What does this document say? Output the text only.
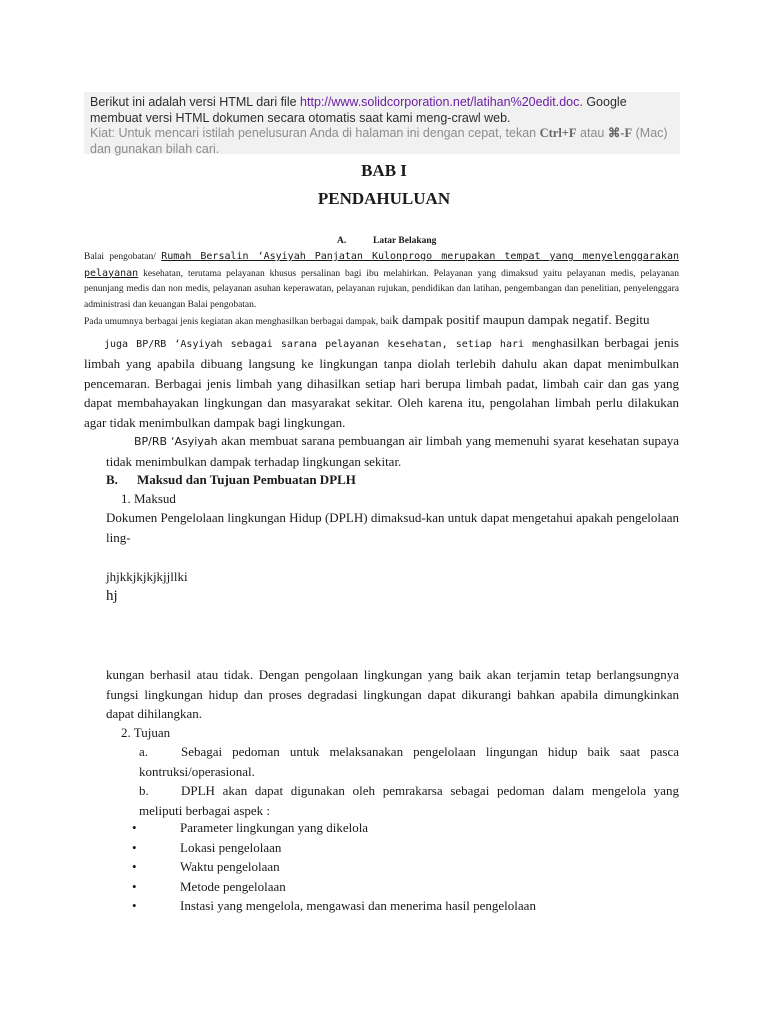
Berikut ini adalah versi HTML dari file http://www.solidcorporation.net/latihan%20edit.doc. Google membuat versi HTML dokumen secara otomatis saat kami meng-crawl web.
Kiat: Untuk mencari istilah penelusuran Anda di halaman ini dengan cepat, tekan Ctrl+F atau ⌘-F (Mac) dan gunakan bilah cari.
BAB I
PENDAHULUAN
A.	Latar Belakang
Balai pengobatan/ Rumah Bersalin ‘Asyiyah Panjatan Kulonprogo merupakan tempat yang menyelenggarakan pelayanan kesehatan, terutama pelayanan khusus persalinan bagi ibu melahirkan. Pelayanan yang dimaksud yaitu pelayanan medis, pelayanan penunjang medis dan non medis, pelayanan asuhan keperawatan, pelayanan rujukan, pendidikan dan latihan, pengembangan dan penelitian, penyelenggara administrasi dan keuangan Balai pengobatan.
Pada umumnya berbagai jenis kegiatan akan menghasilkan berbagai dampak, baik dampak positif maupun dampak negatif. Begitu
juga BP/RB ‘Asyiyah sebagai sarana pelayanan kesehatan, setiap hari menghasilkan berbagai jenis limbah yang apabila dibuang langsung ke lingkungan tanpa diolah terlebih dahulu akan dapat menimbulkan pencemaran. Berbagai jenis limbah yang dihasilkan setiap hari berupa limbah padat, limbah cair dan gas yang dapat membahayakan lingkungan dan masyarakat sekitar. Oleh karena itu, pengolahan limbah perlu dilakukan agar tidak menimbulkan dampak bagi lingkungan.
BP/RB ‘Asyiyah akan membuat sarana pembuangan air limbah yang memenuhi syarat kesehatan supaya tidak menimbulkan dampak terhadap lingkungan sekitar.
B. Maksud dan Tujuan Pembuatan DPLH
1. Maksud
Dokumen Pengelolaan lingkungan Hidup (DPLH) dimaksud-kan untuk dapat mengetahui apakah pengelolaan ling-
jhjkkjkjkjkjjllki
hj
kungan berhasil atau tidak. Dengan pengolaan lingkungan yang baik akan terjamin tetap berlangsungnya fungsi lingkungan hidup dan proses degradasi lingkungan dapat dikurangi bahkan apabila dimungkinkan dapat dihilangkan.
2. Tujuan
a.	Sebagai pedoman untuk melaksanakan pengelolaan lingungan hidup baik saat pasca kontruksi/operasional.
b. DPLH akan dapat digunakan oleh pemrakarsa sebagai pedoman dalam mengelola yang meliputi berbagai aspek :
• Parameter lingkungan yang dikelola
• Lokasi pengelolaan
• Waktu pengelolaan
• Metode pengelolaan
• Instasi yang mengelola, mengawasi dan menerima hasil pengelolaan
